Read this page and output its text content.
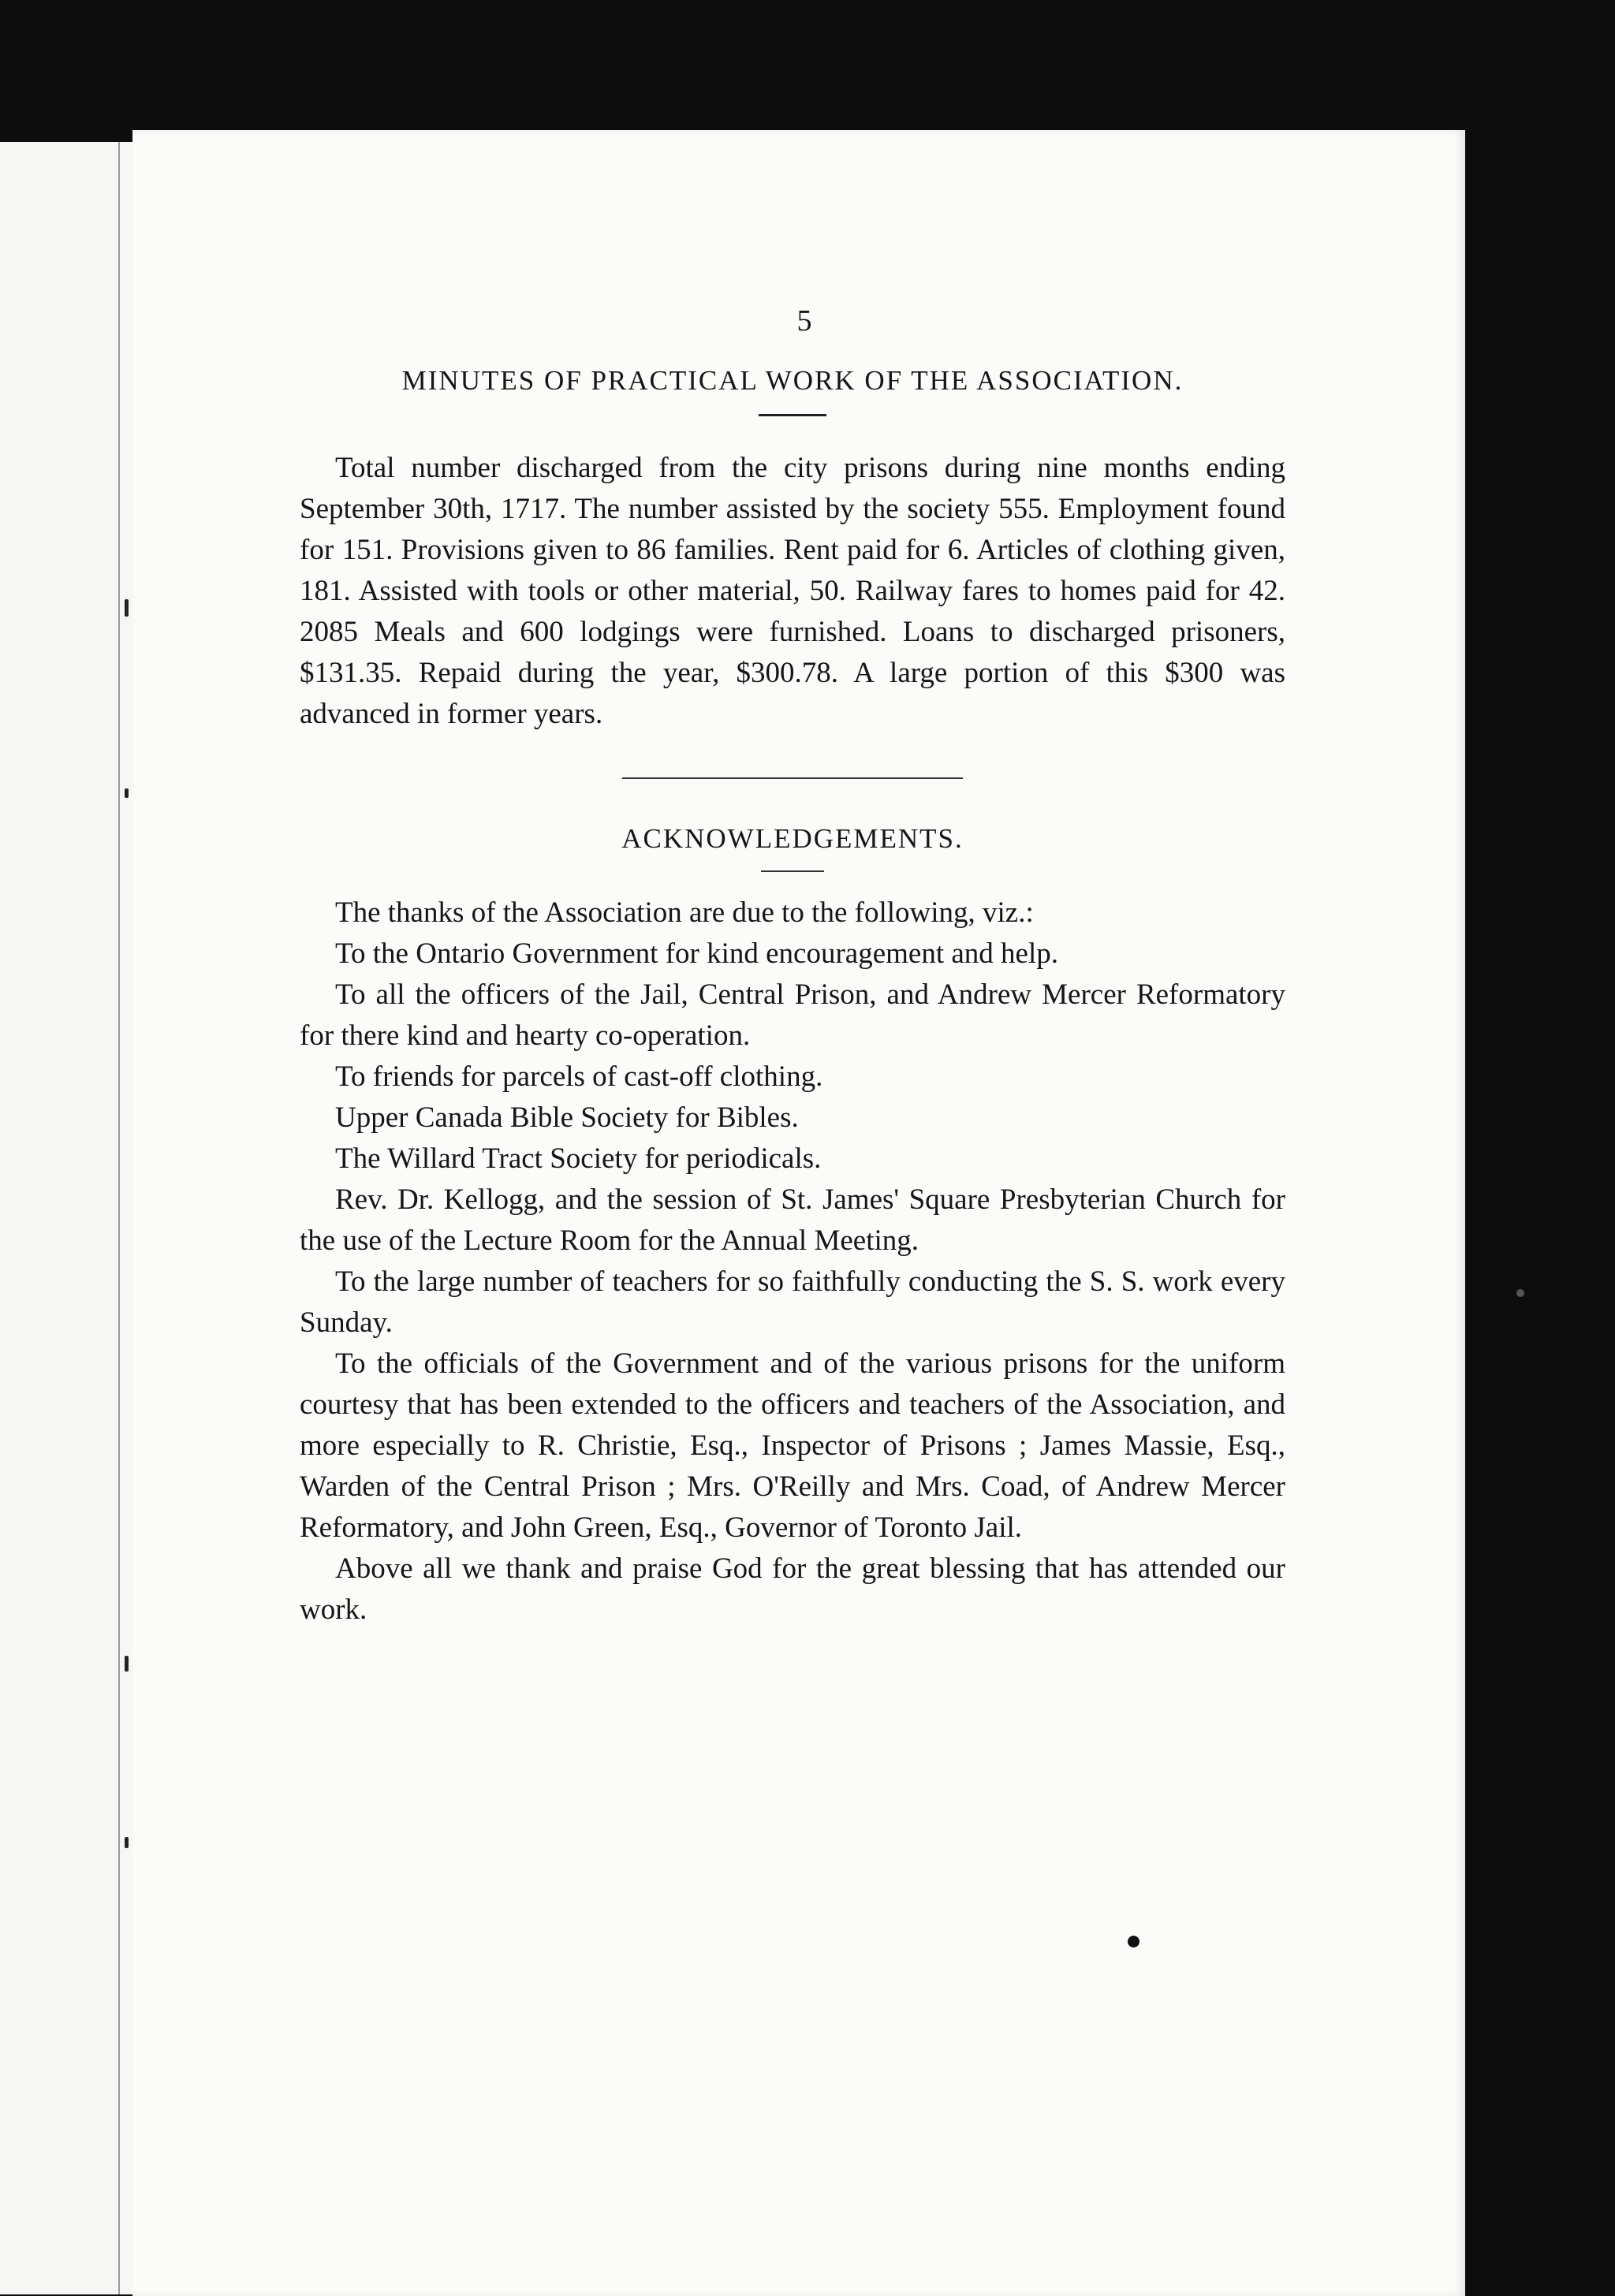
5
MINUTES OF PRACTICAL WORK OF THE ASSOCIATION.

Total number discharged from the city prisons during nine months ending September 30th, 1717. The number assisted by the society 555. Employment found for 151. Provisions given to 86 families. Rent paid for 6. Articles of clothing given, 181. Assisted with tools or other material, 50. Railway fares to homes paid for 42. 2085 Meals and 600 lodgings were furnished. Loans to discharged prisoners, $131.35. Repaid during the year, $300.78. A large portion of this $300 was advanced in former years.

ACKNOWLEDGEMENTS.

The thanks of the Association are due to the following, viz.:

To the Ontario Government for kind encouragement and help.

To all the officers of the Jail, Central Prison, and Andrew Mercer Reformatory for there kind and hearty co-operation.

To friends for parcels of cast-off clothing.

Upper Canada Bible Society for Bibles.

The Willard Tract Society for periodicals.

Rev. Dr. Kellogg, and the session of St. James' Square Presbyterian Church for the use of the Lecture Room for the Annual Meeting.

To the large number of teachers for so faithfully conducting the S. S. work every Sunday.

To the officials of the Government and of the various prisons for the uniform courtesy that has been extended to the officers and teachers of the Association, and more especially to R. Christie, Esq., Inspector of Prisons ; James Massie, Esq., Warden of the Central Prison ; Mrs. O'Reilly and Mrs. Coad, of Andrew Mercer Reformatory, and John Green, Esq., Governor of Toronto Jail.

Above all we thank and praise God for the great blessing that has attended our work.
